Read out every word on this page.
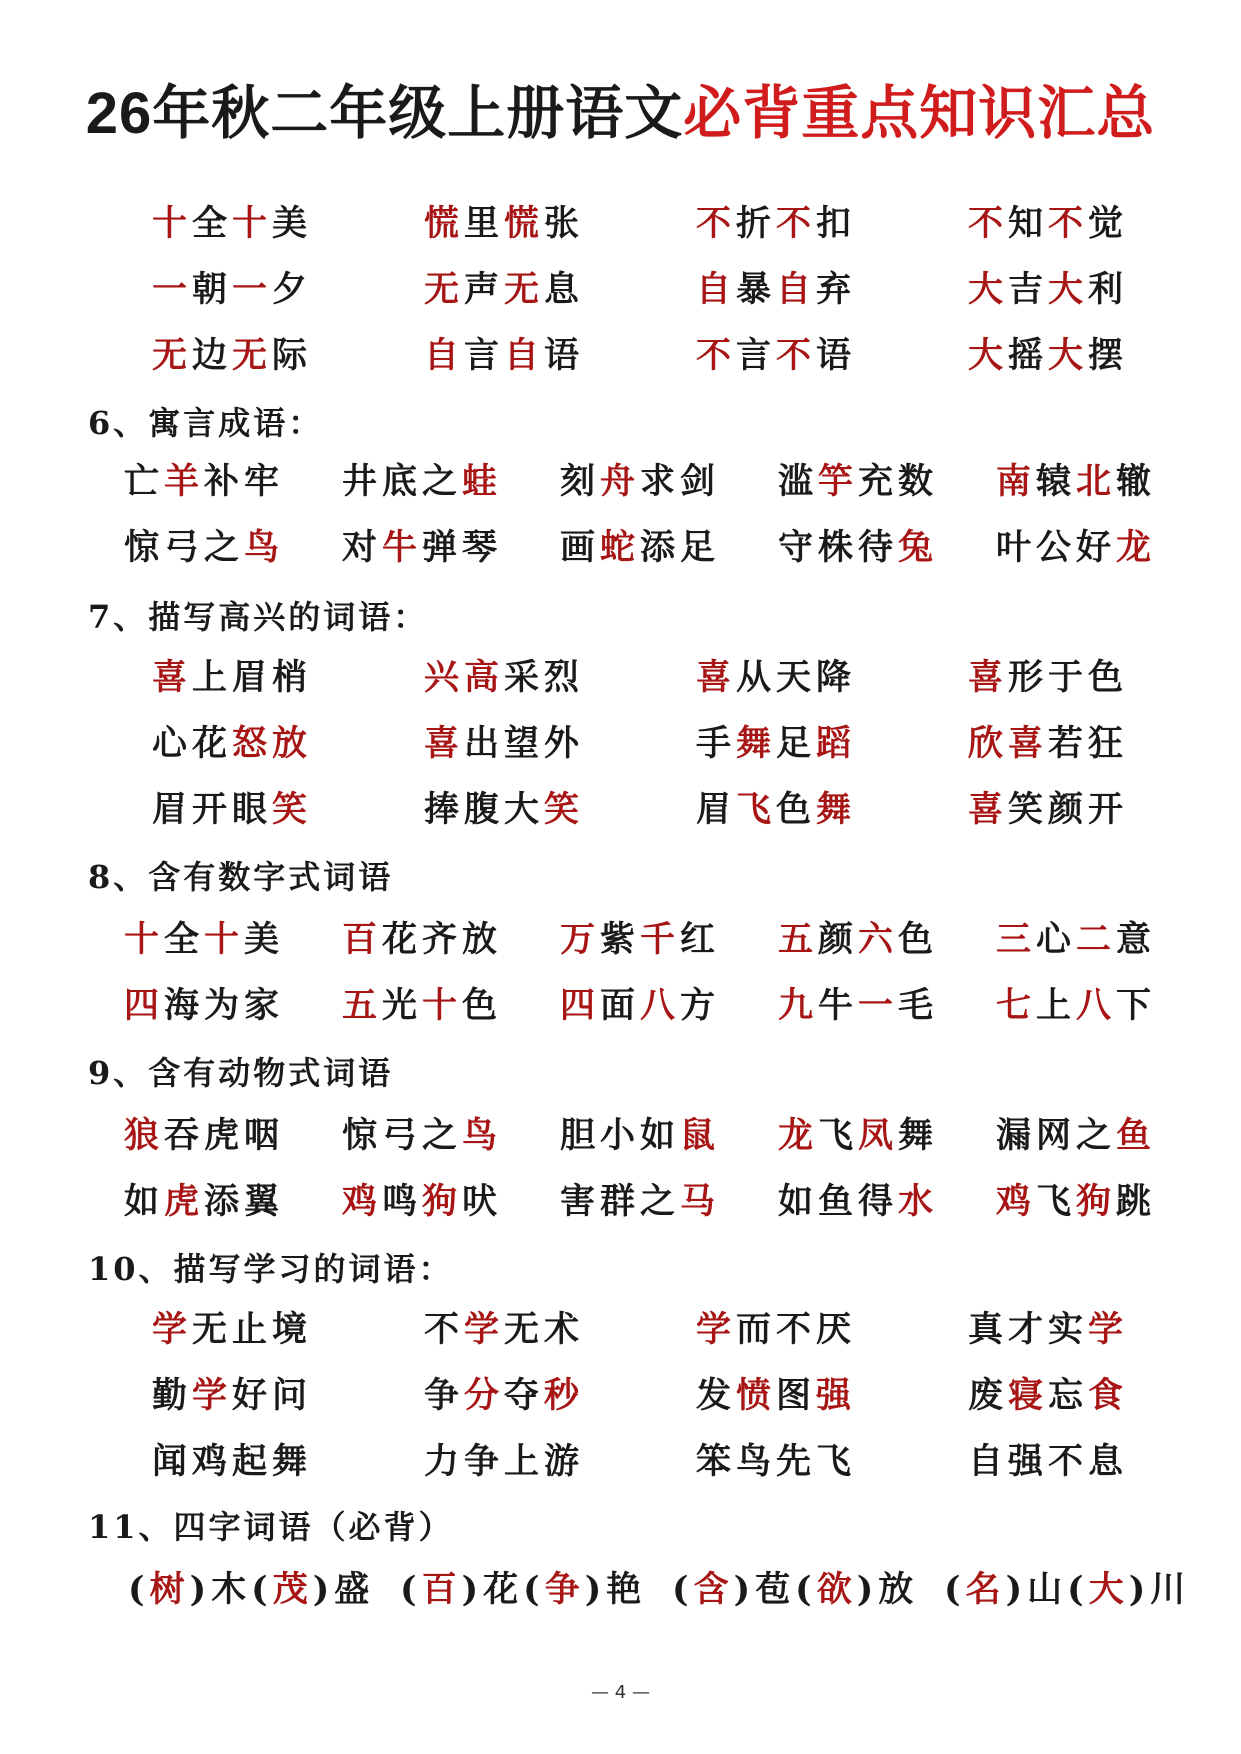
26年秋二年级上册语文必背重点知识汇总
十全十美	慌里慌张	不折不扣	不知不觉
一朝一夕	无声无息	自暴自弃	大吉大利
无边无际	自言自语	不言不语	大摇大摆
6、寓言成语：
亡羊补牢 井底之蛙 刻舟求剑 滥竽充数 南辕北辙
惊弓之鸟 对牛弹琴 画蛇添足 守株待兔 叶公好龙
7、描写高兴的词语：
喜上眉梢	兴高采烈	喜从天降	喜形于色
心花怒放	喜出望外	手舞足蹈	欣喜若狂
眉开眼笑	捧腹大笑	眉飞色舞	喜笑颜开
8、含有数字式词语
十全十美 百花齐放 万紫千红 五颜六色 三心二意
四海为家 五光十色 四面八方 九牛一毛 七上八下
9、含有动物式词语
狼吞虎咽 惊弓之鸟 胆小如鼠 龙飞凤舞 漏网之鱼
如虎添翼 鸡鸣狗吠 害群之马 如鱼得水 鸡飞狗跳
10、描写学习的词语：
学无止境	不学无术	学而不厌	真才实学
勤学好问	争分夺秒	发愤图强	废寝忘食
闻鸡起舞	力争上游	笨鸟先飞	自强不息
11、四字词语（必背）
(树)木(茂)盛 (百)花(争)艳 (含)苞(欲)放 (名)山(大)川
— 4 —
